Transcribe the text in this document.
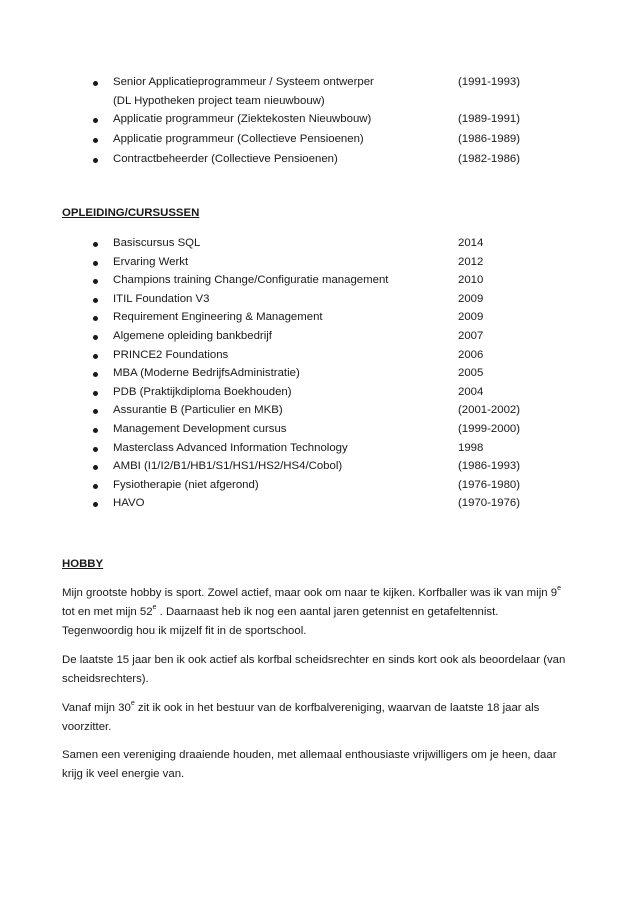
Senior Applicatieprogrammeur / Systeem ontwerper	(1991-1993)
(DL Hypotheken project team nieuwbouw)
Applicatie programmeur (Ziektekosten Nieuwbouw)	(1989-1991)
Applicatie programmeur (Collectieve Pensioenen)	(1986-1989)
Contractbeheerder (Collectieve Pensioenen)	(1982-1986)
OPLEIDING/CURSUSSEN
Basiscursus SQL	2014
Ervaring Werkt	2012
Champions training Change/Configuratie management	2010
ITIL Foundation V3	2009
Requirement Engineering & Management	2009
Algemene opleiding bankbedrijf	2007
PRINCE2 Foundations	2006
MBA (Moderne BedrijfsAdministratie)	2005
PDB (Praktijkdiploma Boekhouden)	2004
Assurantie B (Particulier en MKB)	(2001-2002)
Management Development cursus	(1999-2000)
Masterclass Advanced Information Technology	1998
AMBI (I1/I2/B1/HB1/S1/HS1/HS2/HS4/Cobol)	(1986-1993)
Fysiotherapie (niet afgerond)	(1976-1980)
HAVO	(1970-1976)
HOBBY

Mijn grootste hobby is sport. Zowel actief, maar ook om naar te kijken. Korfballer was ik van mijn 9e tot en met mijn 52e . Daarnaast heb ik nog een aantal jaren getennist en getafeltennist. Tegenwoordig hou ik mijzelf fit in de sportschool.

De laatste 15 jaar ben ik ook actief als korfbal scheidsrechter en sinds kort ook als beoordelaar (van scheidsrechters).

Vanaf mijn 30e zit ik ook in het bestuur van de korfbalvereniging, waarvan de laatste 18 jaar als voorzitter.

Samen een vereniging draaiende houden, met allemaal enthousiaste vrijwilligers om je heen, daar krijg ik veel energie van.
